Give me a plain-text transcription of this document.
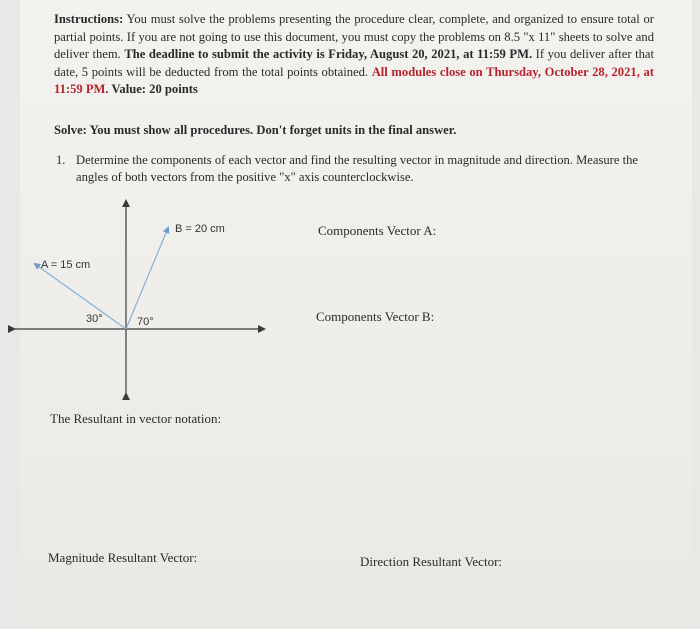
Instructions: You must solve the problems presenting the procedure clear, complete, and organized to ensure total or partial points. If you are not going to use this document, you must copy the problems on 8.5 "x 11" sheets to solve and deliver them. The deadline to submit the activity is Friday, August 20, 2021, at 11:59 PM. If you deliver after that date, 5 points will be deducted from the total points obtained. All modules close on Thursday, October 28, 2021, at 11:59 PM. Value: 20 points
Solve: You must show all procedures. Don't forget units in the final answer.
1. Determine the components of each vector and find the resulting vector in magnitude and direction. Measure the angles of both vectors from the positive "x" axis counterclockwise.
B = 20 cm
A = 15 cm
30°	70°
Components Vector A:
Components Vector B:
The Resultant in vector notation:
Magnitude Resultant Vector:	Direction Resultant Vector:
